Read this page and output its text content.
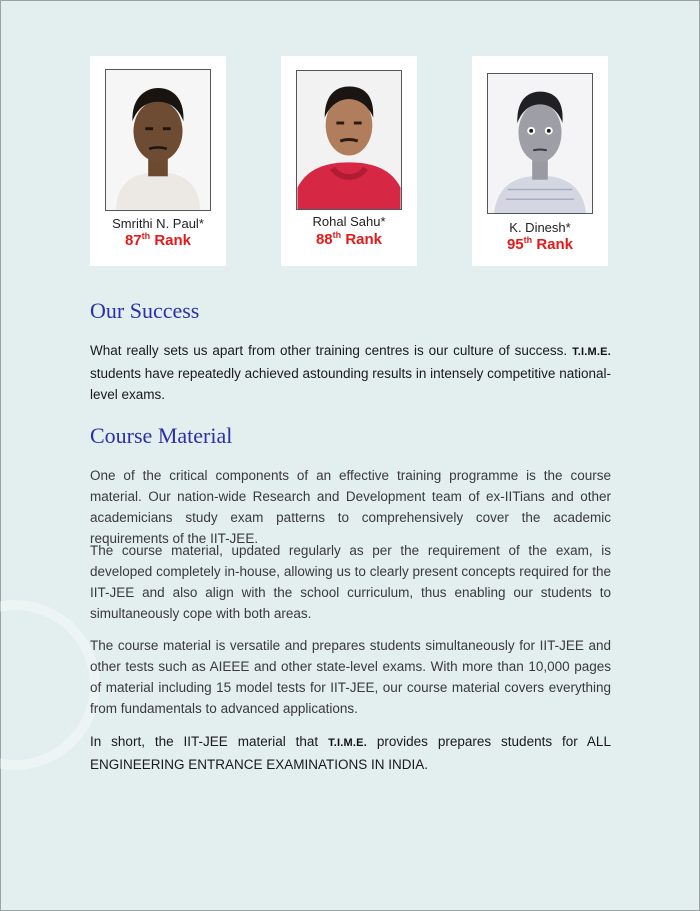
Smrithi N. Paul*
87th Rank
Rohal Sahu*
88th Rank
K. Dinesh*
95th Rank
Our Success

What really sets us apart from other training centres is our culture of success. T.I.M.E. students have repeatedly achieved astounding results in intensely competitive national-level exams.

Course Material

One of the critical components of an effective training programme is the course material. Our nation-wide Research and Development team of ex-IITians and other academicians study exam patterns to comprehensively cover the academic requirements of the IIT-JEE.

The course material, updated regularly as per the requirement of the exam, is developed completely in-house, allowing us to clearly present concepts required for the IIT-JEE and also align with the school curriculum, thus enabling our students to simultaneously cope with both areas.

The course material is versatile and prepares students simultaneously for IIT-JEE and other tests such as AIEEE and other state-level exams. With more than 10,000 pages of material including 15 model tests for IIT-JEE, our course material covers everything from fundamentals to advanced applications.

In short, the IIT-JEE material that T.I.M.E. provides prepares students for ALL ENGINEERING ENTRANCE EXAMINATIONS IN INDIA.
